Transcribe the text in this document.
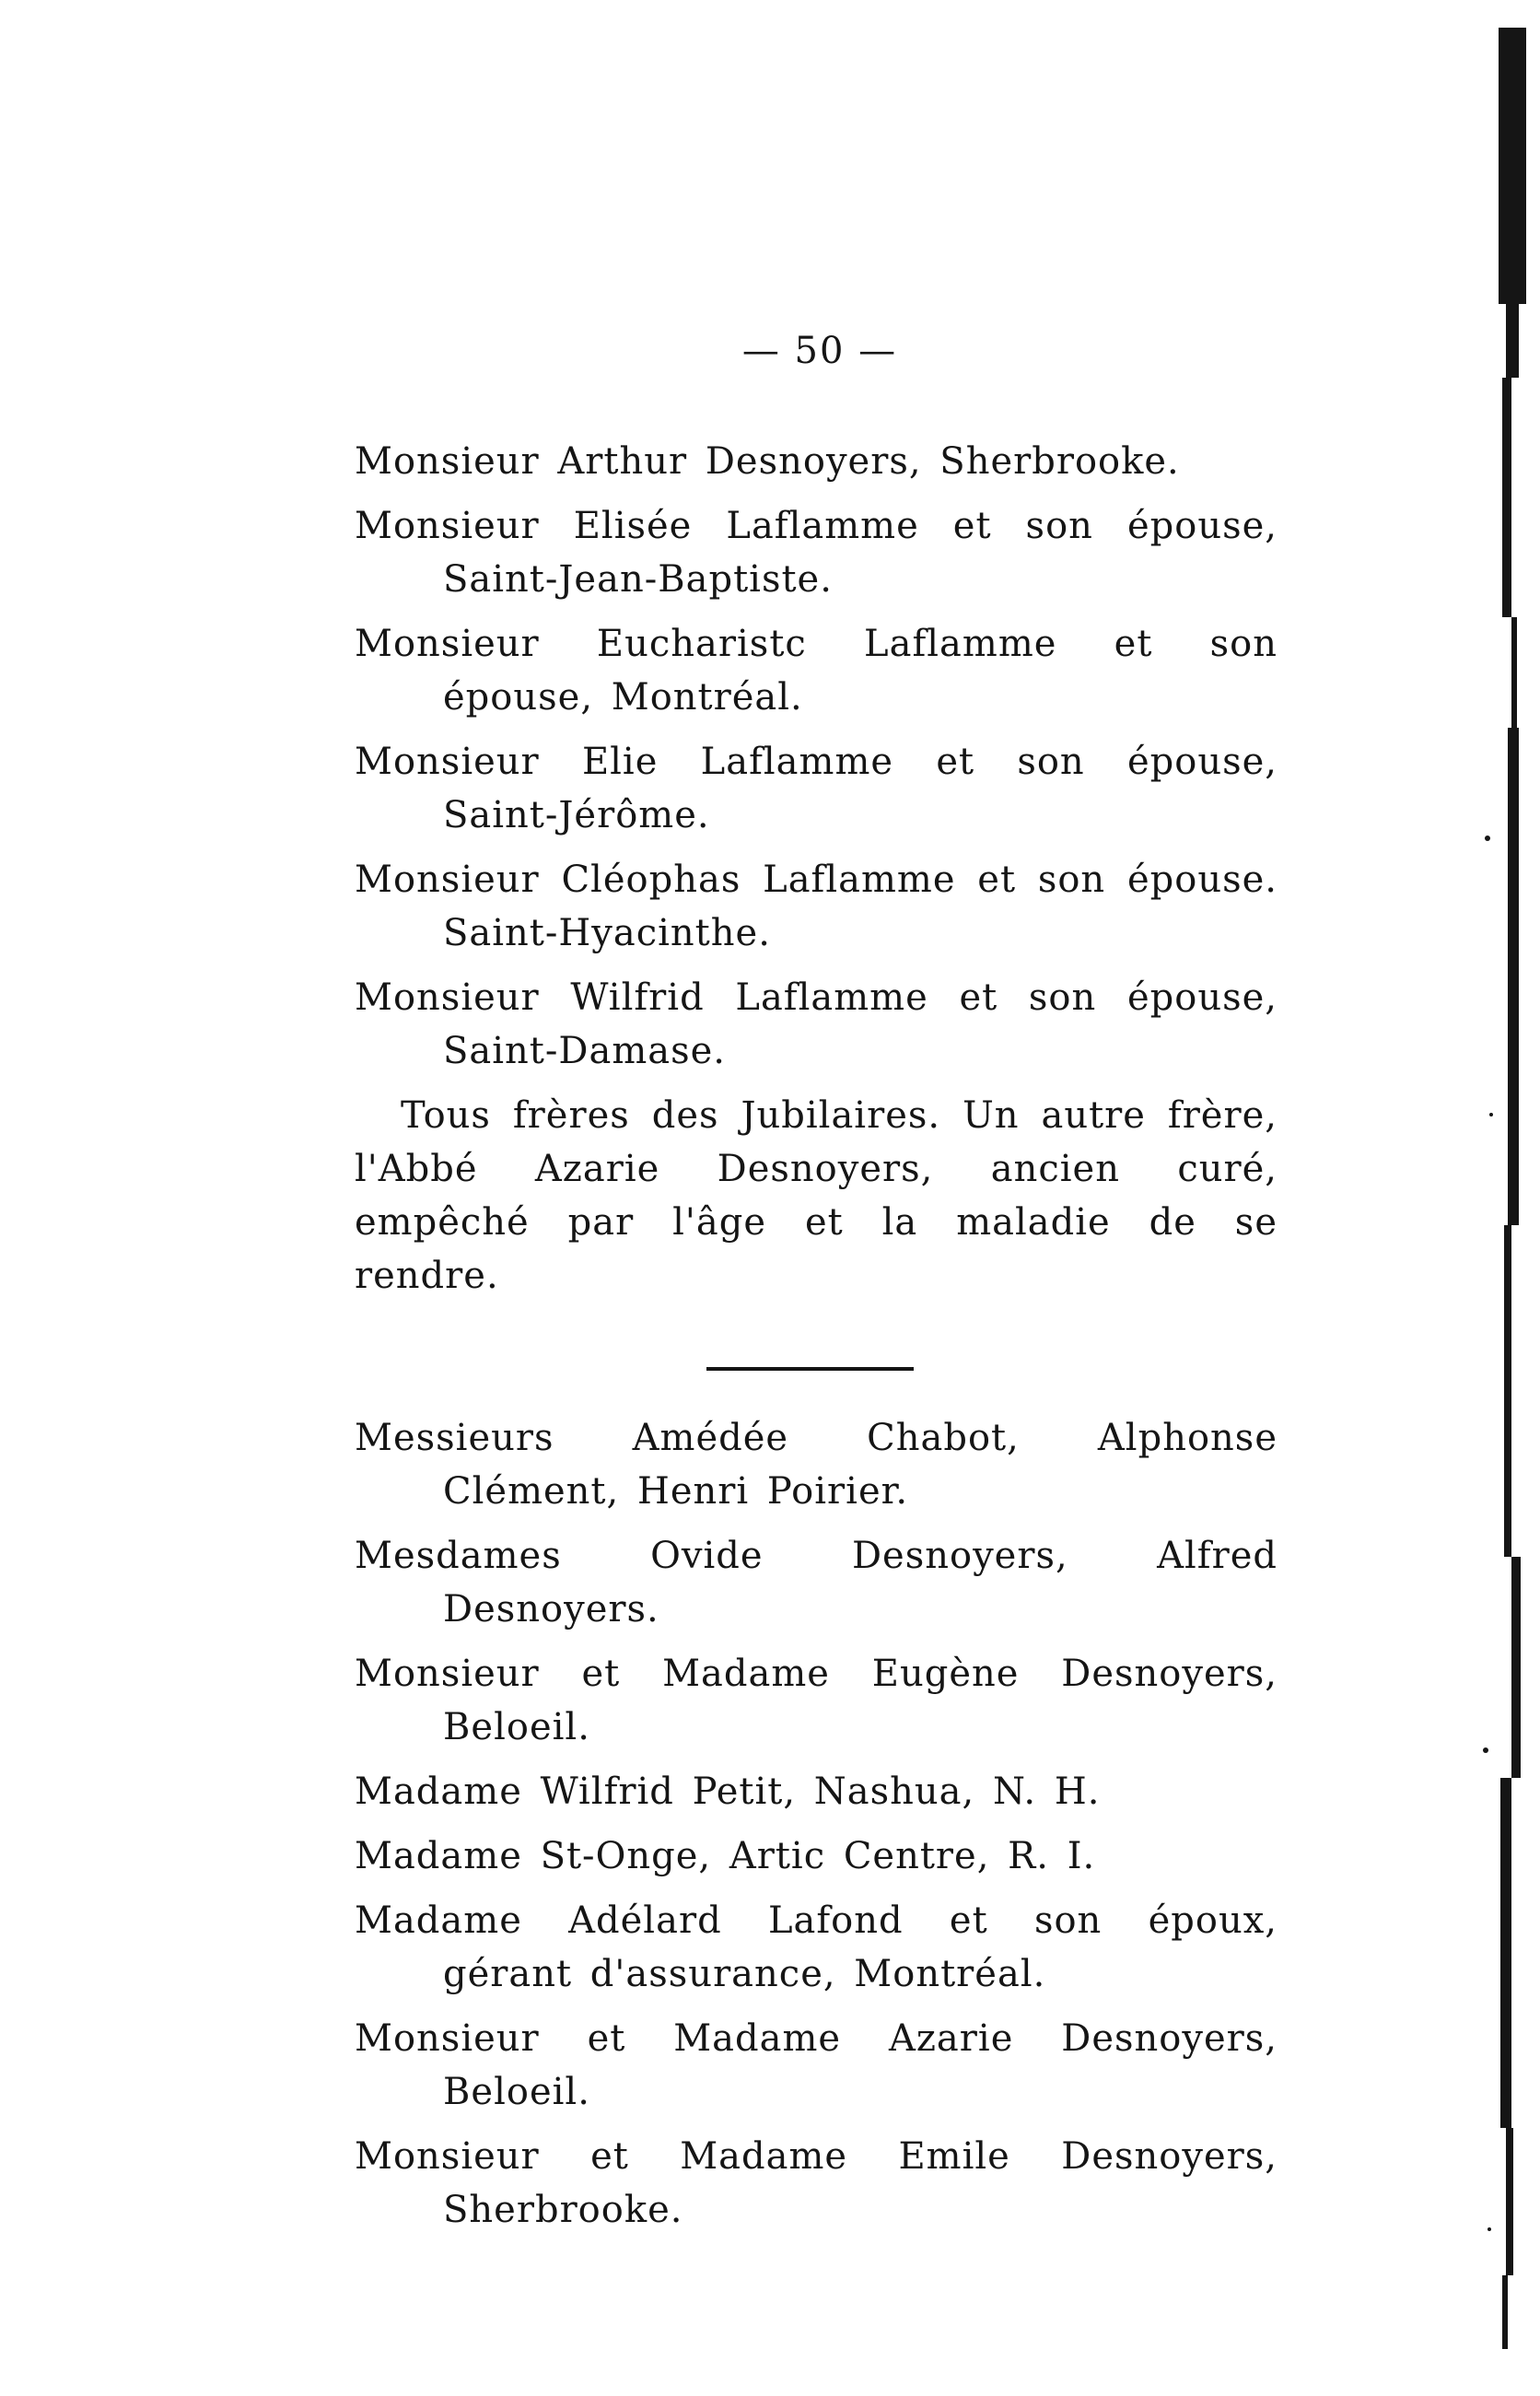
— 50 —

Monsieur Arthur Desnoyers, Sherbrooke.

Monsieur Elisée Laflamme et son épouse, Saint-Jean-Baptiste.

Monsieur Eucharistc Laflamme et son épouse, Montréal.

Monsieur Elie Laflamme et son épouse, Saint-Jérôme.

Monsieur Cléophas Laflamme et son épouse. Saint-Hyacinthe.

Monsieur Wilfrid Laflamme et son épouse, Saint-Damase.

Tous frères des Jubilaires. Un autre frère, l'Abbé Azarie Desnoyers, ancien curé, empêché par l'âge et la maladie de se rendre.

Messieurs Amédée Chabot, Alphonse Clément, Henri Poirier.

Mesdames Ovide Desnoyers, Alfred Desnoyers.

Monsieur et Madame Eugène Desnoyers, Beloeil.

Madame Wilfrid Petit, Nashua, N. H.

Madame St-Onge, Artic Centre, R. I.

Madame Adélard Lafond et son époux, gérant d'assurance, Montréal.

Monsieur et Madame Azarie Desnoyers, Beloeil.

Monsieur et Madame Emile Desnoyers, Sherbrooke.
